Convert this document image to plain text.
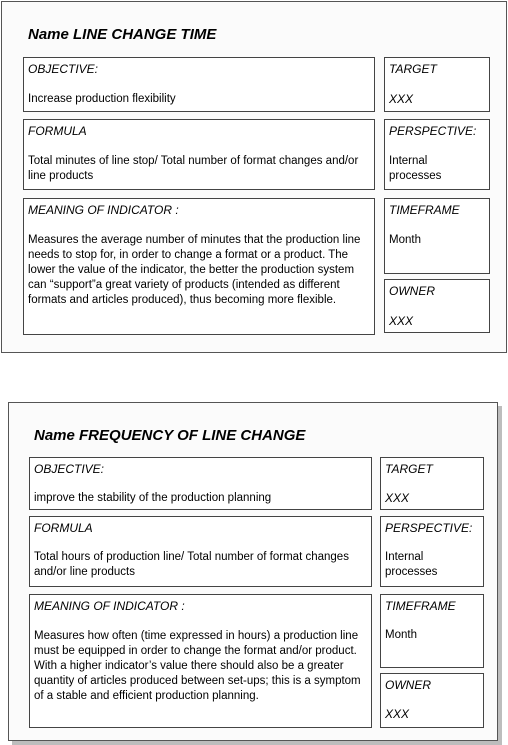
Name LINE CHANGE TIME
OBJECTIVE:
Increase production flexibility
FORMULA
Total minutes of line stop/ Total number of format changes and/or line products
MEANING OF INDICATOR :
Measures the average number of minutes that the production line needs to stop for, in order to change a format or a product. The lower the value of the indicator, the better the production system can “support”a great variety of products (intended as different formats and articles produced), thus becoming more flexible.
TARGET
XXX
PERSPECTIVE:
Internal processes
TIMEFRAME
Month
OWNER
XXX
Name FREQUENCY OF LINE CHANGE
OBJECTIVE:
improve the stability of the production planning
FORMULA
Total hours of production line/ Total number of format changes and/or line products
MEANING OF INDICATOR :
Measures how often (time expressed in hours) a production line must be equipped in order to change the format and/or product. With a higher indicator’s value there should also be a greater quantity of articles produced between set-ups; this is a symptom of a stable and efficient production planning.
TARGET
XXX
PERSPECTIVE:
Internal processes
TIMEFRAME
Month
OWNER
XXX
